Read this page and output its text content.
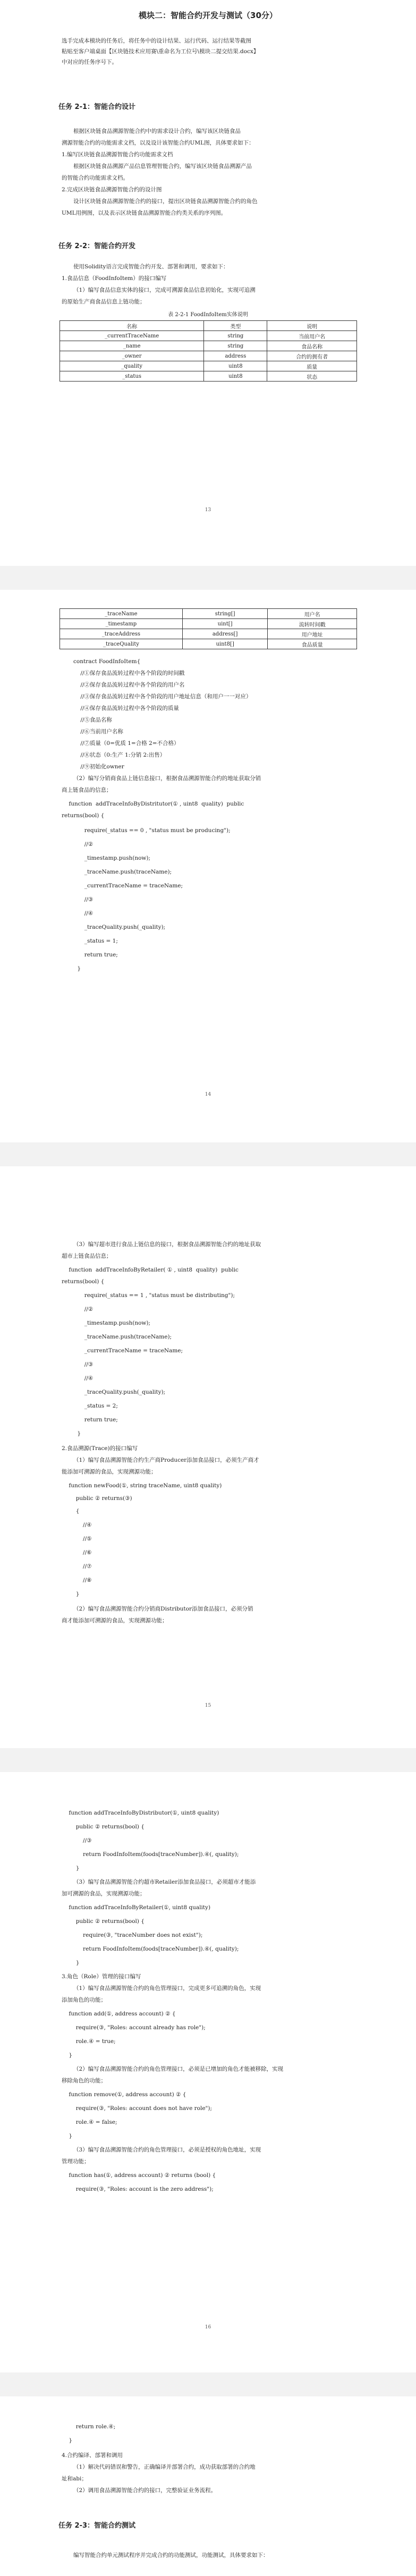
模块二：智能合约开发与测试（30分）
选手完成本模块的任务后，将任务中的设计结果、运行代码、运行结果等截图
粘贴至客户端桌面【区块链技术应用赛\重命名为工位号\模块二提交结果.docx】
中对应的任务序号下。
任务 2-1：智能合约设计
根据区块链食品溯源智能合约中的需求设计合约，编写该区块链食品
溯源智能合约的功能需求文档，以及设计该智能合约UML图，具体要求如下：
1.编写区块链食品溯源智能合约功能需求文档
根据区块链食品溯源产品信息管理智能合约，编写该区块链食品溯源产品
的智能合约功能需求文档。
2.完成区块链食品溯源智能合约的设计图
设计区块链食品溯源智能合约的接口，提出区块链食品溯源智能合约的角色
UML用例图，以及表示区块链食品溯源智能合约类关系的序列图。
任务 2-2：智能合约开发
使用Solidity语言完成智能合约开发、部署和调用，要求如下：
1.食品信息（FoodInfoItem）的接口编写
（1）编写食品信息实体的接口，完成可溯源食品信息初始化，实现可追溯
的原始生产商食品信息上链功能；
表 2-2-1 FoodInfoItem实体说明
名称	类型	说明
_currentTraceName	string	当前用户名
_name	string	食品名称
_owner	address	合约的拥有者
_quality	uint8	质量
_status	uint8	状态
13
_traceName	string[]	用户名
_timestamp	uint[]	流转时间戳
_traceAddress	address[]	用户地址
_traceQuality	uint8[]	食品质量
contract FoodInfoItem{
//①保存食品流转过程中各个阶段的时间戳
//②保存食品流转过程中各个阶段的用户名
//③保存食品流转过程中各个阶段的用户地址信息（和用户一一对应）
//④保存食品流转过程中各个阶段的质量
//⑤食品名称
//⑥当前用户名称
//⑦质量（0=优质 1=合格 2=不合格）
//⑧状态（0:生产 1:分销 2:出售）
//⑨初始化owner
（2）编写分销商食品上链信息接口，根据食品溯源智能合约的地址获取分销
商上链食品的信息；
function  addTraceInfoByDistritutor(① , uint8  quality)  public
returns(bool) {
require(_status == 0 , "status must be producing");
//②
_timestamp.push(now);
_traceName.push(traceName);
_currentTraceName = traceName;
//③
//④
_traceQuality.push(_quality);
_status = 1;
return true;
}
14
（3）编写超市进行食品上链信息的接口，根据食品溯源智能合约的地址获取
超市上链食品信息；
function  addTraceInfoByRetailer( ① , uint8  quality)  public
returns(bool) {
require(_status == 1 , "status must be distributing");
//②
_timestamp.push(now);
_traceName.push(traceName);
_currentTraceName = traceName;
//③
//④
_traceQuality.push(_quality);
_status = 2;
return true;
}
2.食品溯源(Trace)的接口编写
（1）编写食品溯源智能合约生产商Producer添加食品接口，必须生产商才
能添加可溯源的食品，实现溯源功能；
function newFood(①, string traceName, uint8 quality)
public ② returns(③)
{
//④
//⑤
//⑥
//⑦
//⑧
}
（2）编写食品溯源智能合约分销商Distributor添加食品接口，必须分销
商才能添加可溯源的食品，实现溯源功能；
15
function addTraceInfoByDistributor(①, uint8 quality)
public ② returns(bool) {
//③
return FoodInfoItem(foods[traceNumber]).④(, quality);
}
（3）编写食品溯源智能合约超市Retailer添加食品接口，必须超市才能添
加可溯源的食品，实现溯源功能；
function addTraceInfoByRetailer(①, uint8 quality)
public ② returns(bool) {
require(③, "traceNumber does not exist");
return FoodInfoItem(foods[traceNumber]).④(, quality);
}
3.角色（Role）管理的接口编写
（1）编写食品溯源智能合约的角色管理接口，完成更多可追溯的角色，实现
添加角色的功能；
function add(①, address account) ② {
require(③, "Roles: account already has role");
role.④ = true;
}
（2）编写食品溯源智能合约的角色管理接口，必须是已增加的角色才能被移除，实现
移除角色的功能；
function remove(①, address account) ② {
require(③, "Roles: account does not have role");
role.④ = false;
}
（3）编写食品溯源智能合约的角色管理接口，必须是授权的角色地址，实现
管理功能；
function has(①, address account) ② returns (bool) {
require(③, "Roles: account is the zero address");
16
return role.④;
}
4.合约编译、部署和调用
（1）解决代码错误和警告，正确编译并部署合约，成功获取部署的合约地
址和abi；
（2）调用食品溯源智能合约的接口，完整验证业务流程。
任务 2-3：智能合约测试
编写智能合约单元测试程序并完成合约的功能测试，功能测试，具体要求如下：
